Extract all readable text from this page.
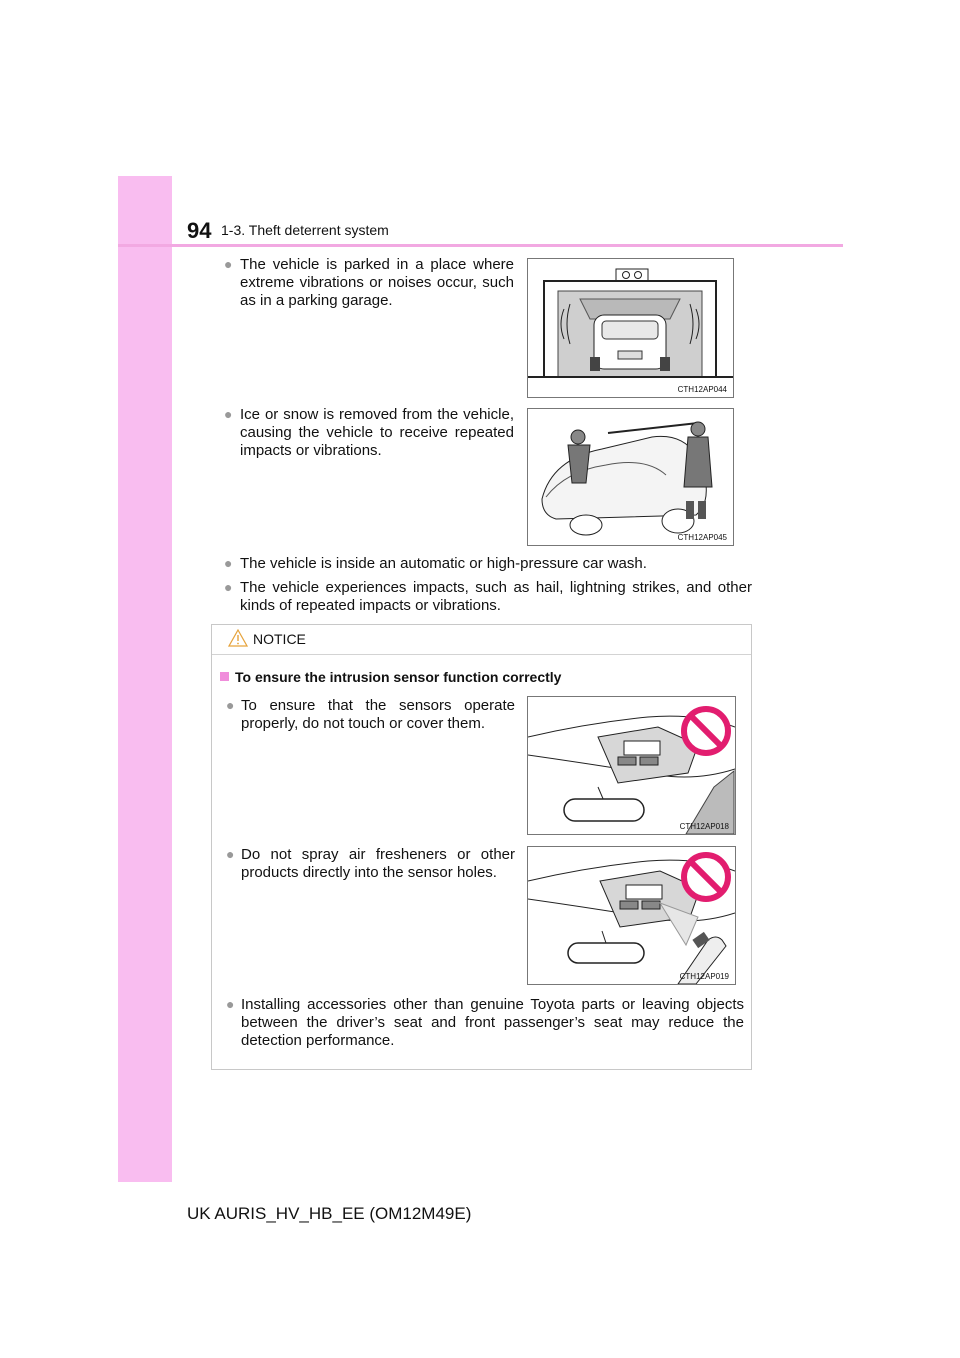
94 1-3. Theft deterrent system
● The vehicle is parked in a place where extreme vibrations or noises occur, such as in a parking garage.
CTH12AP044
● Ice or snow is removed from the vehicle, causing the vehicle to receive repeated impacts or vibrations.
CTH12AP045
● The vehicle is inside an automatic or high-pressure car wash.
● The vehicle experiences impacts, such as hail, lightning strikes, and other kinds of repeated impacts or vibrations.
NOTICE
To ensure the intrusion sensor function correctly
● To ensure that the sensors operate properly, do not touch or cover them.
CTH12AP018
● Do not spray air fresheners or other products directly into the sensor holes.
CTH12AP019
● Installing accessories other than genuine Toyota parts or leaving objects between the driver’s seat and front passenger’s seat may reduce the detection performance.
UK AURIS_HV_HB_EE (OM12M49E)
